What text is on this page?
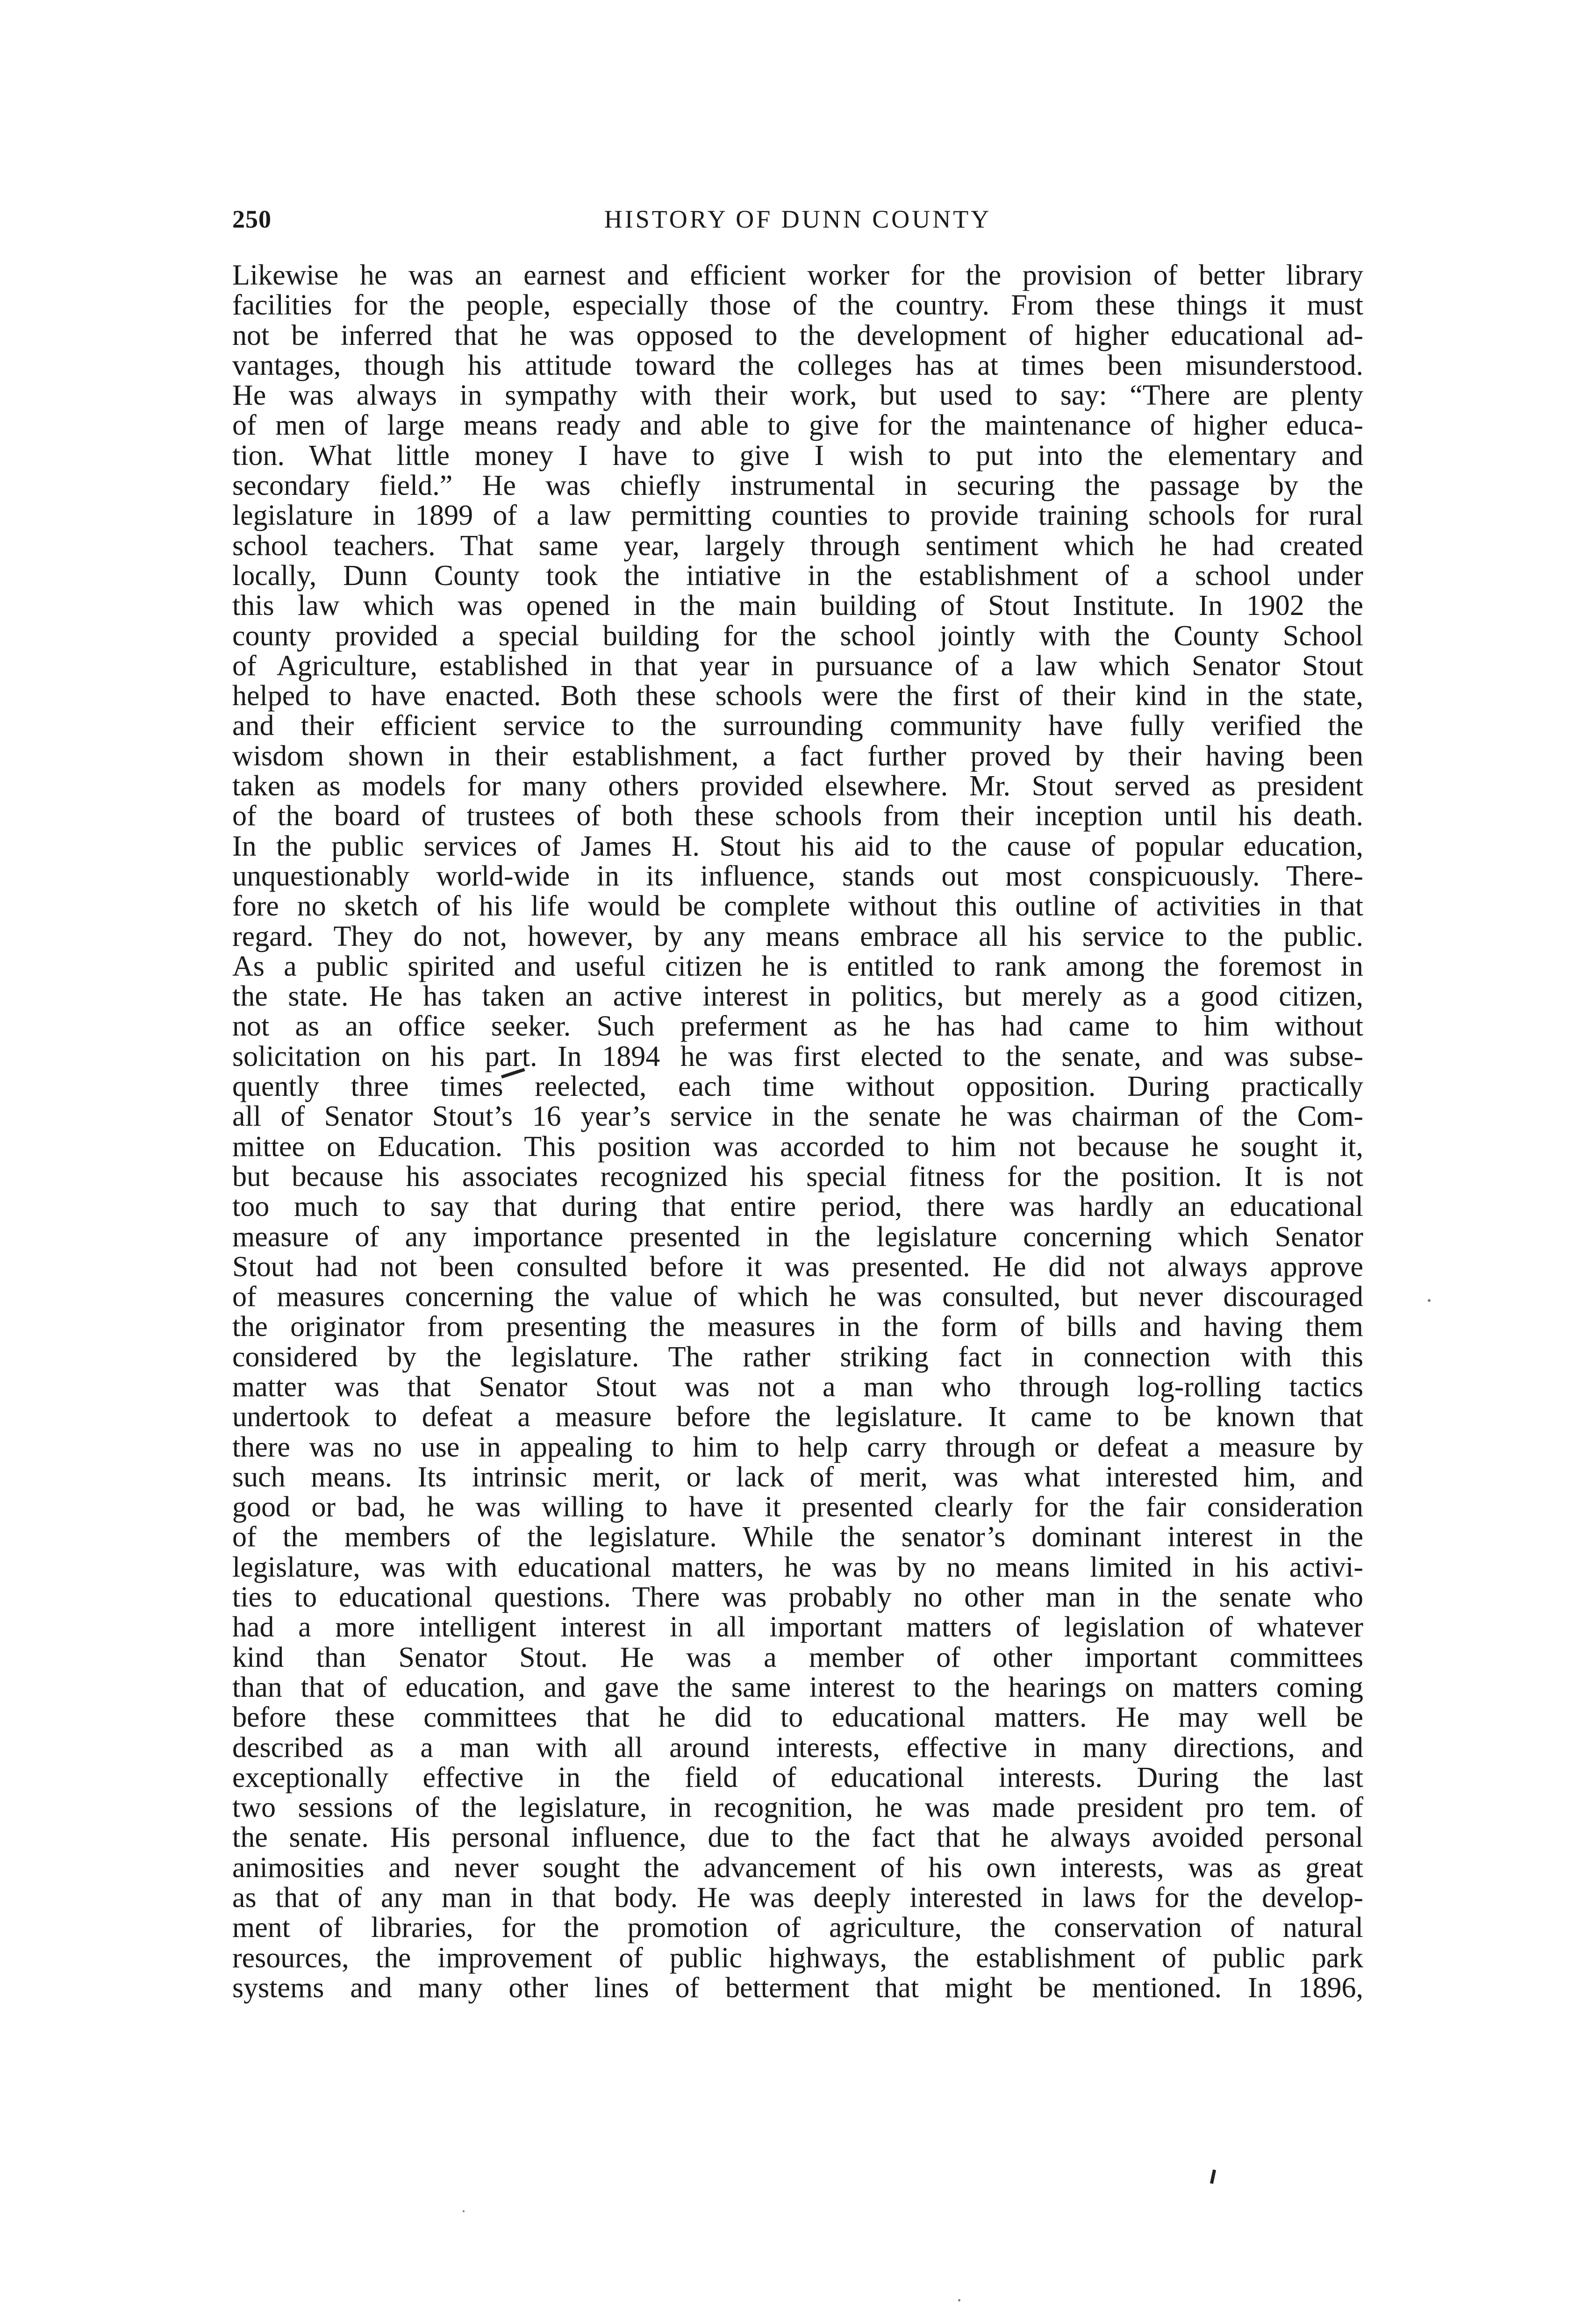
250	HISTORY OF DUNN COUNTY
Likewise he was an earnest and efficient worker for the provision of better library
facilities for the people, especially those of the country. From these things it must
not be inferred that he was opposed to the development of higher educational ad-
vantages, though his attitude toward the colleges has at times been misunderstood.
He was always in sympathy with their work, but used to say: “There are plenty
of men of large means ready and able to give for the maintenance of higher educa-
tion. What little money I have to give I wish to put into the elementary and
secondary field.” He was chiefly instrumental in securing the passage by the
legislature in 1899 of a law permitting counties to provide training schools for rural
school teachers. That same year, largely through sentiment which he had created
locally, Dunn County took the intiative in the establishment of a school under
this law which was opened in the main building of Stout Institute. In 1902 the
county provided a special building for the school jointly with the County School
of Agriculture, established in that year in pursuance of a law which Senator Stout
helped to have enacted. Both these schools were the first of their kind in the state,
and their efficient service to the surrounding community have fully verified the
wisdom shown in their establishment, a fact further proved by their having been
taken as models for many others provided elsewhere. Mr. Stout served as president
of the board of trustees of both these schools from their inception until his death.
In the public services of James H. Stout his aid to the cause of popular education,
unquestionably world-wide in its influence, stands out most conspicuously. There-
fore no sketch of his life would be complete without this outline of activities in that
regard. They do not, however, by any means embrace all his service to the public.
As a public spirited and useful citizen he is entitled to rank among the foremost in
the state. He has taken an active interest in politics, but merely as a good citizen,
not as an office seeker. Such preferment as he has had came to him without
solicitation on his part. In 1894 he was first elected to the senate, and was subse-
quently three times reelected, each time without opposition. During practically
all of Senator Stout’s 16 year’s service in the senate he was chairman of the Com-
mittee on Education. This position was accorded to him not because he sought it,
but because his associates recognized his special fitness for the position. It is not
too much to say that during that entire period, there was hardly an educational
measure of any importance presented in the legislature concerning which Senator
Stout had not been consulted before it was presented. He did not always approve
of measures concerning the value of which he was consulted, but never discouraged
the originator from presenting the measures in the form of bills and having them
considered by the legislature. The rather striking fact in connection with this
matter was that Senator Stout was not a man who through log-rolling tactics
undertook to defeat a measure before the legislature. It came to be known that
there was no use in appealing to him to help carry through or defeat a measure by
such means. Its intrinsic merit, or lack of merit, was what interested him, and
good or bad, he was willing to have it presented clearly for the fair consideration
of the members of the legislature. While the senator’s dominant interest in the
legislature, was with educational matters, he was by no means limited in his activi-
ties to educational questions. There was probably no other man in the senate who
had a more intelligent interest in all important matters of legislation of whatever
kind than Senator Stout. He was a member of other important committees
than that of education, and gave the same interest to the hearings on matters coming
before these committees that he did to educational matters. He may well be
described as a man with all around interests, effective in many directions, and
exceptionally effective in the field of educational interests. During the last
two sessions of the legislature, in recognition, he was made president pro tem. of
the senate. His personal influence, due to the fact that he always avoided personal
animosities and never sought the advancement of his own interests, was as great
as that of any man in that body. He was deeply interested in laws for the develop-
ment of libraries, for the promotion of agriculture, the conservation of natural
resources, the improvement of public highways, the establishment of public park
systems and many other lines of betterment that might be mentioned. In 1896,
